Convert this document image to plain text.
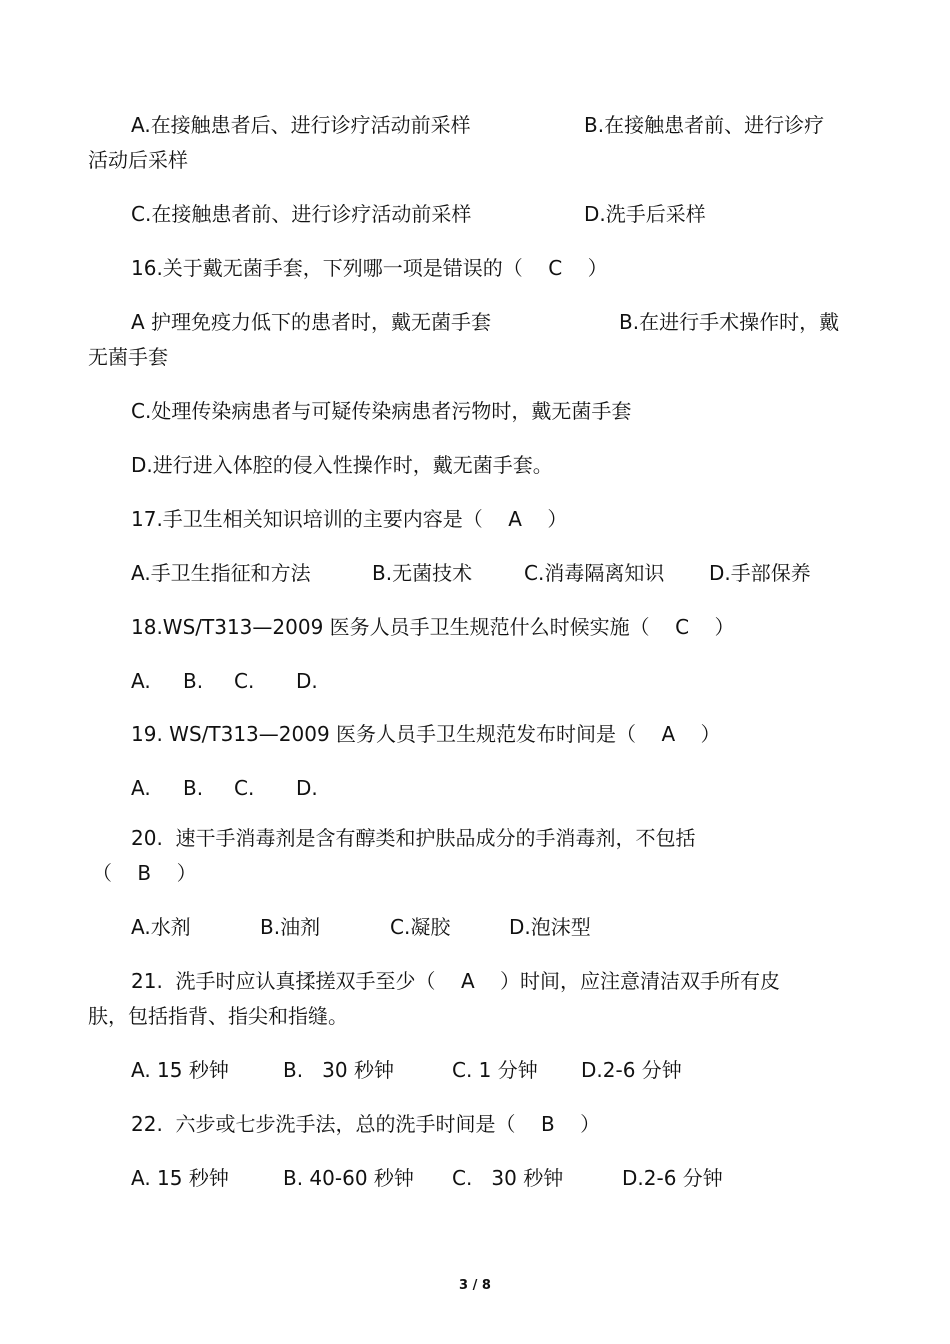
A.在接触患者后、进行诊疗活动前采样	B.在接触患者前、进行诊疗
活动后采样
C.在接触患者前、进行诊疗活动前采样	D.洗手后采样
16.关于戴无菌手套，下列哪一项是错误的（    C    ）
A 护理免疫力低下的患者时，戴无菌手套	B.在进行手术操作时，戴
无菌手套
C.处理传染病患者与可疑传染病患者污物时，戴无菌手套
D.进行进入体腔的侵入性操作时，戴无菌手套。
17.手卫生相关知识培训的主要内容是（    A    ）
A.手卫生指征和方法	B.无菌技术	C.消毒隔离知识 D.手部保养
18.WS/T313—2009 医务人员手卫生规范什么时候实施（    C    ）
A. B. C. D.
19. WS/T313—2009 医务人员手卫生规范发布时间是（    A    ）
A. B. C. D.
20.  速干手消毒剂是含有醇类和护肤品成分的手消毒剂，不包括
（    B    ）
A.水剂	B.油剂	C.凝胶	D.泡沫型
21.  洗手时应认真揉搓双手至少（    A    ）时间，应注意清洁双手所有皮
肤，包括指背、指尖和指缝。
A. 15 秒钟	B.   30 秒钟	C. 1 分钟 D.2-6 分钟
22.  六步或七步洗手法，总的洗手时间是（    B    ）
A. 15 秒钟	B. 40-60 秒钟 C.   30 秒钟	D.2-6 分钟
3 / 8
